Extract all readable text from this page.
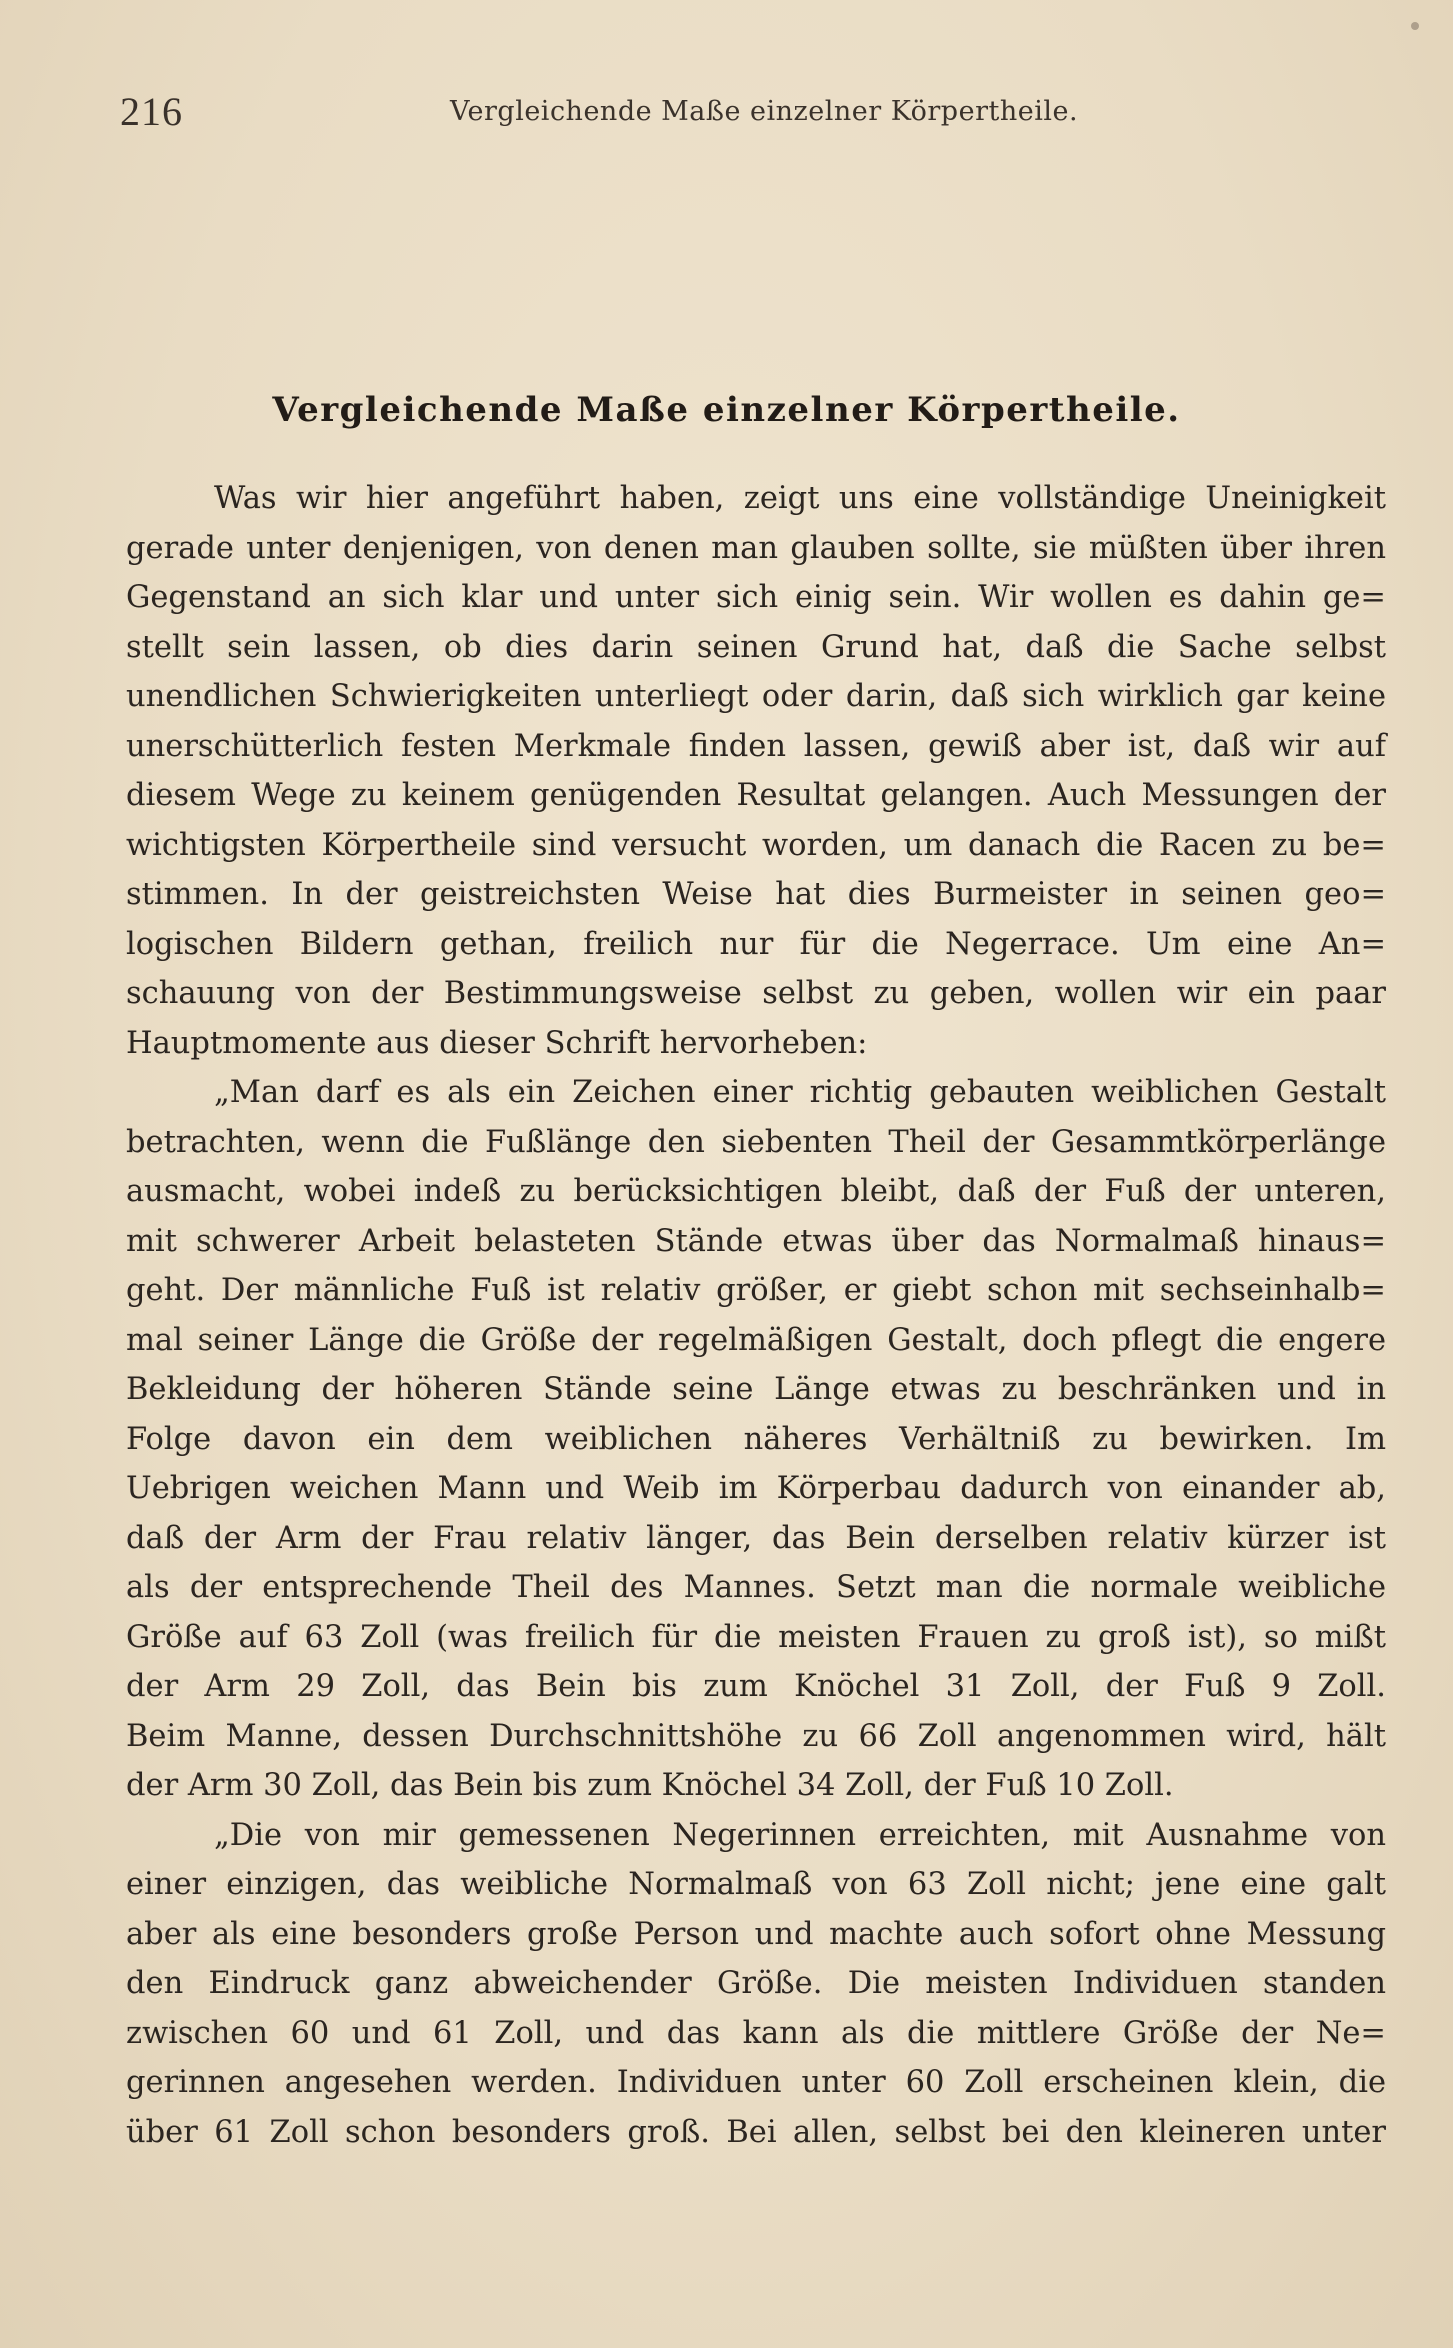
216	Vergleichende Maße einzelner Körpertheile.
Vergleichende Maße einzelner Körpertheile.
Was wir hier angeführt haben, zeigt uns eine vollständige Uneinigkeit
gerade unter denjenigen, von denen man glauben sollte, sie müßten über ihren
Gegenstand an sich klar und unter sich einig sein. Wir wollen es dahin ge=
stellt sein lassen, ob dies darin seinen Grund hat, daß die Sache selbst
unendlichen Schwierigkeiten unterliegt oder darin, daß sich wirklich gar keine
unerschütterlich festen Merkmale finden lassen, gewiß aber ist, daß wir auf
diesem Wege zu keinem genügenden Resultat gelangen. Auch Messungen der
wichtigsten Körpertheile sind versucht worden, um danach die Racen zu be=
stimmen. In der geistreichsten Weise hat dies Burmeister in seinen geo=
logischen Bildern gethan, freilich nur für die Negerrace. Um eine An=
schauung von der Bestimmungsweise selbst zu geben, wollen wir ein paar
Hauptmomente aus dieser Schrift hervorheben:
„Man darf es als ein Zeichen einer richtig gebauten weiblichen Gestalt
betrachten, wenn die Fußlänge den siebenten Theil der Gesammtkörperlänge
ausmacht, wobei indeß zu berücksichtigen bleibt, daß der Fuß der unteren,
mit schwerer Arbeit belasteten Stände etwas über das Normalmaß hinaus=
geht. Der männliche Fuß ist relativ größer, er giebt schon mit sechseinhalb=
mal seiner Länge die Größe der regelmäßigen Gestalt, doch pflegt die engere
Bekleidung der höheren Stände seine Länge etwas zu beschränken und in
Folge davon ein dem weiblichen näheres Verhältniß zu bewirken. Im
Uebrigen weichen Mann und Weib im Körperbau dadurch von einander ab,
daß der Arm der Frau relativ länger, das Bein derselben relativ kürzer ist
als der entsprechende Theil des Mannes. Setzt man die normale weibliche
Größe auf 63 Zoll (was freilich für die meisten Frauen zu groß ist), so mißt
der Arm 29 Zoll, das Bein bis zum Knöchel 31 Zoll, der Fuß 9 Zoll.
Beim Manne, dessen Durchschnittshöhe zu 66 Zoll angenommen wird, hält
der Arm 30 Zoll, das Bein bis zum Knöchel 34 Zoll, der Fuß 10 Zoll.
„Die von mir gemessenen Negerinnen erreichten, mit Ausnahme von
einer einzigen, das weibliche Normalmaß von 63 Zoll nicht; jene eine galt
aber als eine besonders große Person und machte auch sofort ohne Messung
den Eindruck ganz abweichender Größe. Die meisten Individuen standen
zwischen 60 und 61 Zoll, und das kann als die mittlere Größe der Ne=
gerinnen angesehen werden. Individuen unter 60 Zoll erscheinen klein, die
über 61 Zoll schon besonders groß. Bei allen, selbst bei den kleineren unter
